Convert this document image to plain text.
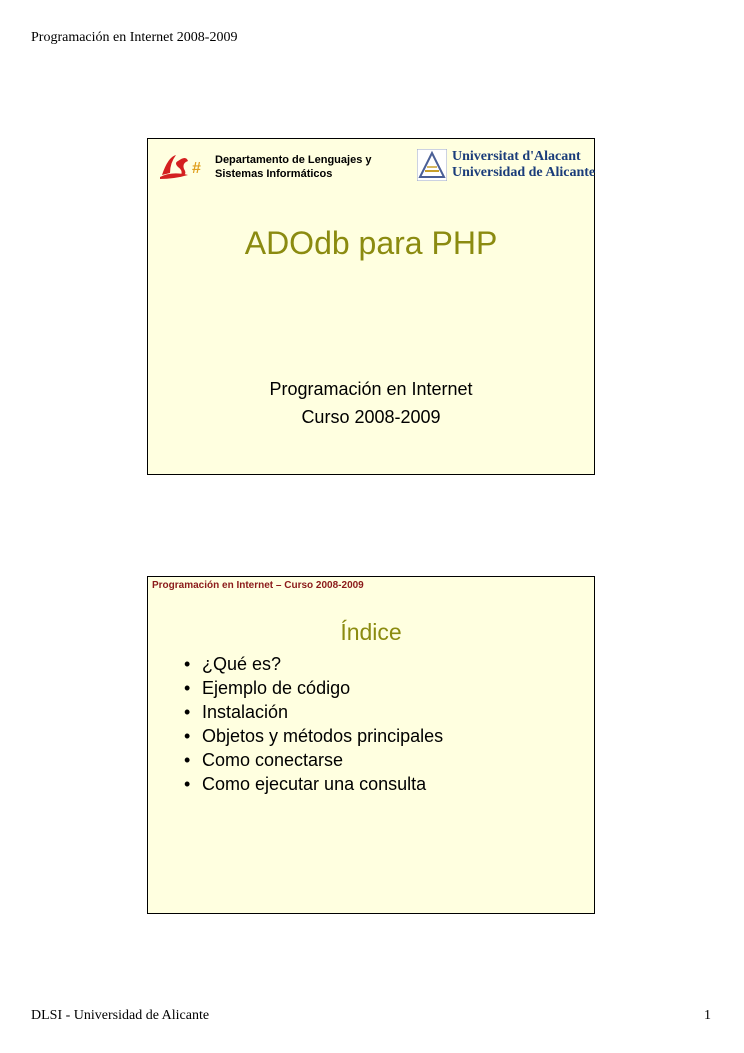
Programación en Internet 2008-2009
# Departamento de Lenguajes y Sistemas Informáticos
Universitat d'Alacant
Universidad de Alicante
ADOdb para PHP
Programación en Internet
Curso 2008-2009
Programación en Internet – Curso 2008-2009
Índice
• ¿Qué es?
• Ejemplo de código
• Instalación
• Objetos y métodos principales
• Como conectarse
• Como ejecutar una consulta
DLSI - Universidad de Alicante	1
